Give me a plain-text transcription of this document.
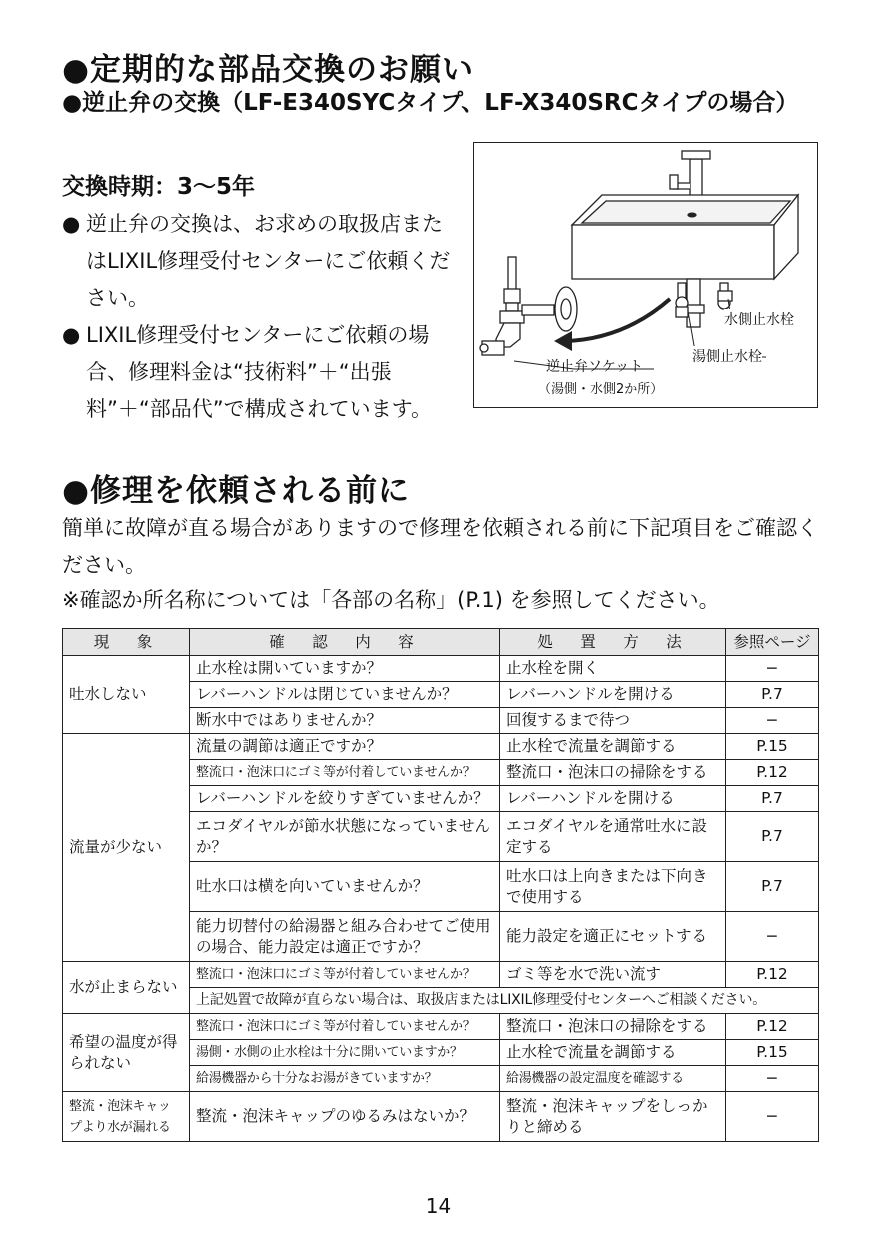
●定期的な部品交換のお願い
●逆止弁の交換（LF-E340SYCタイプ、LF-X340SRCタイプの場合）
交換時期：3〜5年
● 逆止弁の交換は、お求めの取扱店またはLIXIL修理受付センターにご依頼ください。
● LIXIL修理受付センターにご依頼の場合、修理料金は“技術料”＋“出張料”＋“部品代”で構成されています。
水側止水栓
湯側止水栓
逆止弁ソケット
（湯側・水側2か所）
●修理を依頼される前に
簡単に故障が直る場合がありますので修理を依頼される前に下記項目をご確認ください。
※確認か所名称については「各部の名称」(P.1) を参照してください。
現　象	確　認　内　容	処　置　方　法	参照ページ
吐水しない	止水栓は開いていますか？	止水栓を開く	−
	レバーハンドルは閉じていませんか？	レバーハンドルを開ける	P.7
	断水中ではありませんか？	回復するまで待つ	−
流量が少ない	流量の調節は適正ですか？	止水栓で流量を調節する	P.15
	整流口・泡沫口にゴミ等が付着していませんか？	整流口・泡沫口の掃除をする	P.12
	レバーハンドルを絞りすぎていませんか？	レバーハンドルを開ける	P.7
	エコダイヤルが節水状態になっていませんか？	エコダイヤルを通常吐水に設定する	P.7
	吐水口は横を向いていませんか？	吐水口は上向きまたは下向きで使用する	P.7
	能力切替付の給湯器と組み合わせてご使用の場合、能力設定は適正ですか？	能力設定を適正にセットする	−
水が止まらない	整流口・泡沫口にゴミ等が付着していませんか？	ゴミ等を水で洗い流す	P.12
	上記処置で故障が直らない場合は、取扱店またはLIXIL修理受付センターへご相談ください。		
希望の温度が得られない	整流口・泡沫口にゴミ等が付着していませんか？	整流口・泡沫口の掃除をする	P.12
	湯側・水側の止水栓は十分に開いていますか？	止水栓で流量を調節する	P.15
	給湯機器から十分なお湯がきていますか？	給湯機器の設定温度を確認する	−
整流・泡沫キャップより水が漏れる	整流・泡沫キャップのゆるみはないか？	整流・泡沫キャップをしっかりと締める	−
14
